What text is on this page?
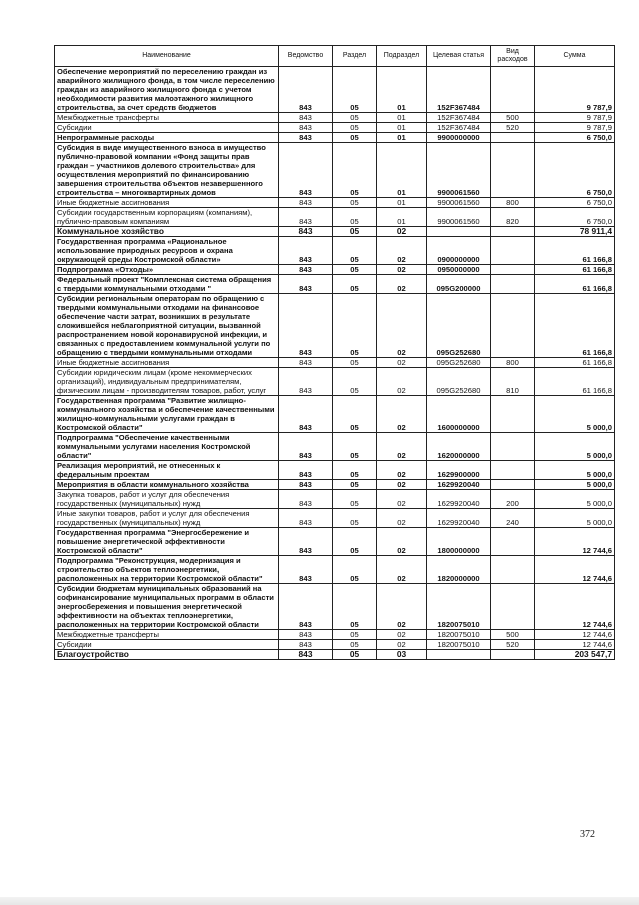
Наименование	Ведомство	Раздел	Подраздел	Целевая статья	Вид расходов	Сумма
Обеспечение мероприятий по переселению граждан из аварийного жилищного фонда, в том числе переселению граждан из аварийного жилищного фонда с учетом необходимости развития малоэтажного жилищного строительства, за счет средств бюджетов	843	05	01	152F367484		9 787,9
Межбюджетные трансферты	843	05	01	152F367484	500	9 787,9
Субсидии	843	05	01	152F367484	520	9 787,9
Непрограммные расходы	843	05	01	9900000000		6 750,0
Субсидия в виде имущественного взноса в имущество публично-правовой компании «Фонд защиты прав граждан – участников долевого строительства» для осуществления мероприятий по финансированию завершения строительства объектов незавершенного строительства – многоквартирных домов	843	05	01	9900061560		6 750,0
Иные бюджетные ассигнования	843	05	01	9900061560	800	6 750,0
Субсидии государственным корпорациям (компаниям), публично-правовым компаниям	843	05	01	9900061560	820	6 750,0
Коммунальное хозяйство	843	05	02			78 911,4
Государственная программа «Рациональное использование природных ресурсов и охрана окружающей среды Костромской области»	843	05	02	0900000000		61 166,8
Подпрограмма «Отходы»	843	05	02	0950000000		61 166,8
Федеральный проект "Комплексная система обращения с твердыми коммунальными отходами "	843	05	02	095G200000		61 166,8
Субсидии региональным операторам по обращению с твердыми коммунальными отходами на финансовое обеспечение части затрат, возникших в результате сложившейся неблагоприятной ситуации, вызванной распространением новой коронавирусной инфекции, и связанных с предоставлением коммунальной услуги по обращению с твердыми коммунальными отходами	843	05	02	095G252680		61 166,8
Иные бюджетные ассигнования	843	05	02	095G252680	800	61 166,8
Субсидии юридическим лицам (кроме некоммерческих организаций), индивидуальным предпринимателям, физическим лицам - производителям товаров, работ, услуг	843	05	02	095G252680	810	61 166,8
Государственная программа "Развитие жилищно-коммунального хозяйства и обеспечение качественными жилищно-коммунальными услугами граждан в Костромской области"	843	05	02	1600000000		5 000,0
Подпрограмма "Обеспечение качественными коммунальными услугами населения Костромской области"	843	05	02	1620000000		5 000,0
Реализация мероприятий, не отнесенных к федеральным проектам	843	05	02	1629900000		5 000,0
Мероприятия в области коммунального хозяйства	843	05	02	1629920040		5 000,0
Закупка товаров, работ и услуг для обеспечения государственных (муниципальных) нужд	843	05	02	1629920040	200	5 000,0
Иные закупки товаров, работ и услуг для обеспечения государственных (муниципальных) нужд	843	05	02	1629920040	240	5 000,0
Государственная программа "Энергосбережение и повышение энергетической эффективности Костромской области"	843	05	02	1800000000		12 744,6
Подпрограмма "Реконструкция, модернизация и строительство объектов теплоэнергетики, расположенных на территории Костромской области"	843	05	02	1820000000		12 744,6
Субсидии бюджетам муниципальных образований на софинансирование муниципальных программ в области энергосбережения и повышения энергетической эффективности на объектах теплоэнергетики, расположенных на территории Костромской области	843	05	02	1820075010		12 744,6
Межбюджетные трансферты	843	05	02	1820075010	500	12 744,6
Субсидии	843	05	02	1820075010	520	12 744,6
Благоустройство	843	05	03			203 547,7
372
